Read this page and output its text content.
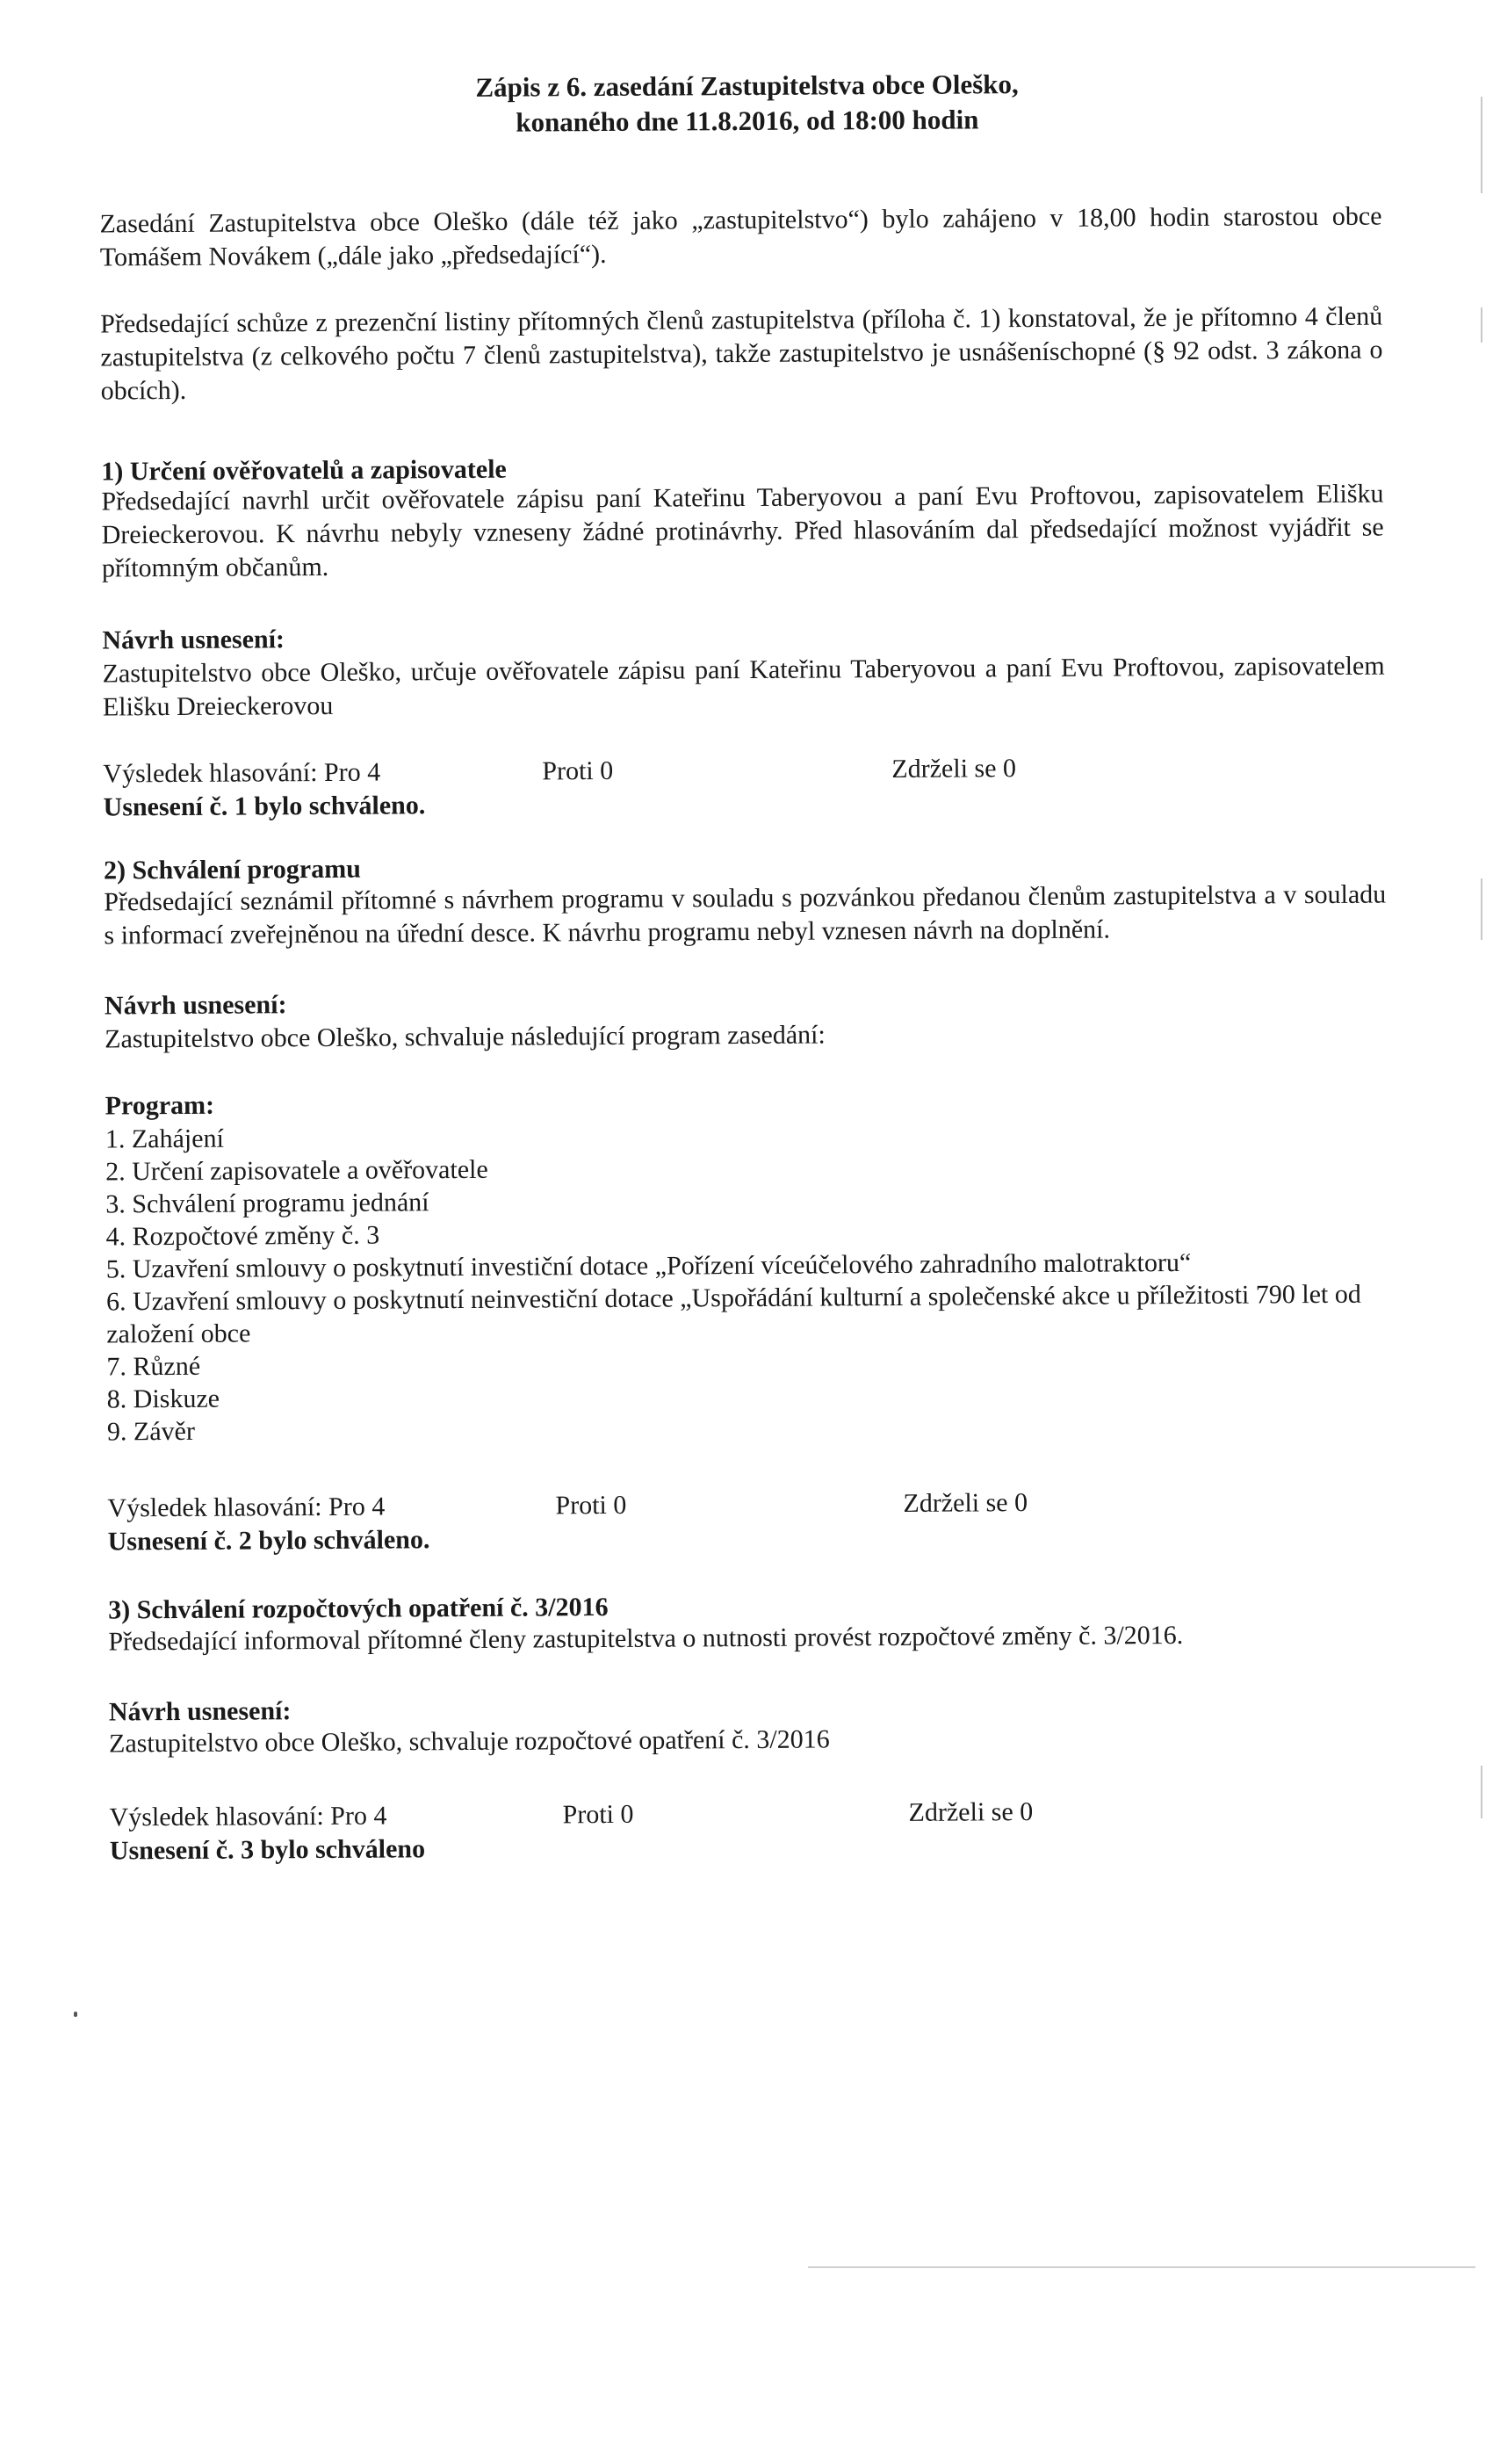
Zápis z 6. zasedání Zastupitelstva obce Oleško,
konaného dne 11.8.2016, od 18:00 hodin

Zasedání Zastupitelstva obce Oleško (dále též jako „zastupitelstvo“) bylo zahájeno v 18,00 hodin starostou obce Tomášem Novákem („dále jako „předsedající“).

Předsedající schůze z prezenční listiny přítomných členů zastupitelstva (příloha č. 1) konstatoval, že je přítomno 4 členů zastupitelstva (z celkového počtu 7 členů zastupitelstva), takže zastupitelstvo je usnášeníschopné (§ 92 odst. 3 zákona o obcích).

1) Určení ověřovatelů a zapisovatele

Předsedající navrhl určit ověřovatele zápisu paní Kateřinu Taberyovou a paní Evu Proftovou, zapisovatelem Elišku Dreieckerovou. K návrhu nebyly vzneseny žádné protinávrhy. Před hlasováním dal předsedající možnost vyjádřit se přítomným občanům.

Návrh usnesení:

Zastupitelstvo obce Oleško, určuje ověřovatele zápisu paní Kateřinu Taberyovou a paní Evu Proftovou, zapisovatelem Elišku Dreieckerovou

Výsledek hlasování: Pro 4	Proti 0	Zdrželi se 0
Usnesení č. 1 bylo schváleno.
2) Schválení programu

Předsedající seznámil přítomné s návrhem programu v souladu s pozvánkou předanou členům zastupitelstva a v souladu s informací zveřejněnou na úřední desce. K návrhu programu nebyl vznesen návrh na doplnění.

Návrh usnesení:

Zastupitelstvo obce Oleško, schvaluje následující program zasedání:

Program:
1. Zahájení
2. Určení zapisovatele a ověřovatele
3. Schválení programu jednání
4. Rozpočtové změny č. 3
5. Uzavření smlouvy o poskytnutí investiční dotace „Pořízení víceúčelového zahradního malotraktoru“
6. Uzavření smlouvy o poskytnutí neinvestiční dotace „Uspořádání kulturní a společenské akce u příležitosti 790 let od založení obce
7. Různé
8. Diskuze
9. Závěr
Výsledek hlasování: Pro 4	Proti 0	Zdrželi se 0
Usnesení č. 2 bylo schváleno.
3) Schválení rozpočtových opatření č. 3/2016

Předsedající informoval přítomné členy zastupitelstva o nutnosti provést rozpočtové změny č. 3/2016.

Návrh usnesení:

Zastupitelstvo obce Oleško, schvaluje rozpočtové opatření č. 3/2016

Výsledek hlasování: Pro 4	Proti 0	Zdrželi se 0
Usnesení č. 3 bylo schváleno
